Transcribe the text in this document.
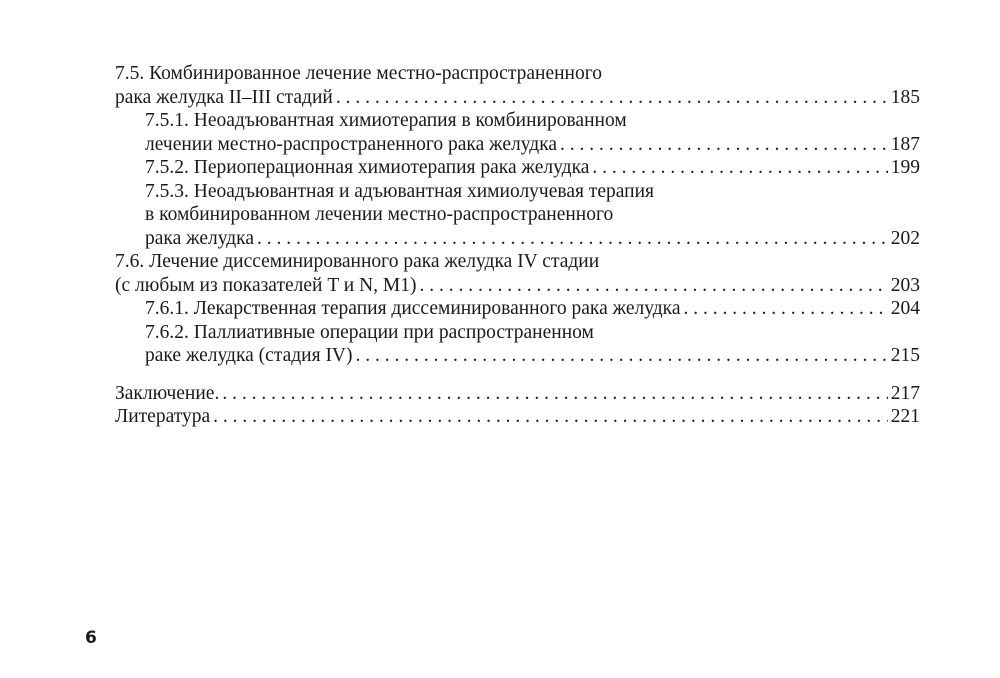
7.5. Комбинированное лечение местно-распространенного
рака желудка II–III стадий . . .	185
7.5.1. Неоадъювантная химиотерапия в комбинированном
лечении местно-распространенного рака желудка . . .	187
7.5.2. Периоперационная химиотерапия рака желудка . . .	199
7.5.3. Неоадъювантная и адъювантная химиолучевая терапия
в комбинированном лечении местно-распространенного
рака желудка . . .	202
7.6. Лечение диссеминированного рака желудка IV стадии
(с любым из показателей T и N, M1) . . .	203
7.6.1. Лекарственная терапия диссеминированного рака желудка . . .	204
7.6.2. Паллиативные операции при распространенном
раке желудка (стадия IV) . . .	215
Заключение. . . .	217
Литература . . .	221
6
